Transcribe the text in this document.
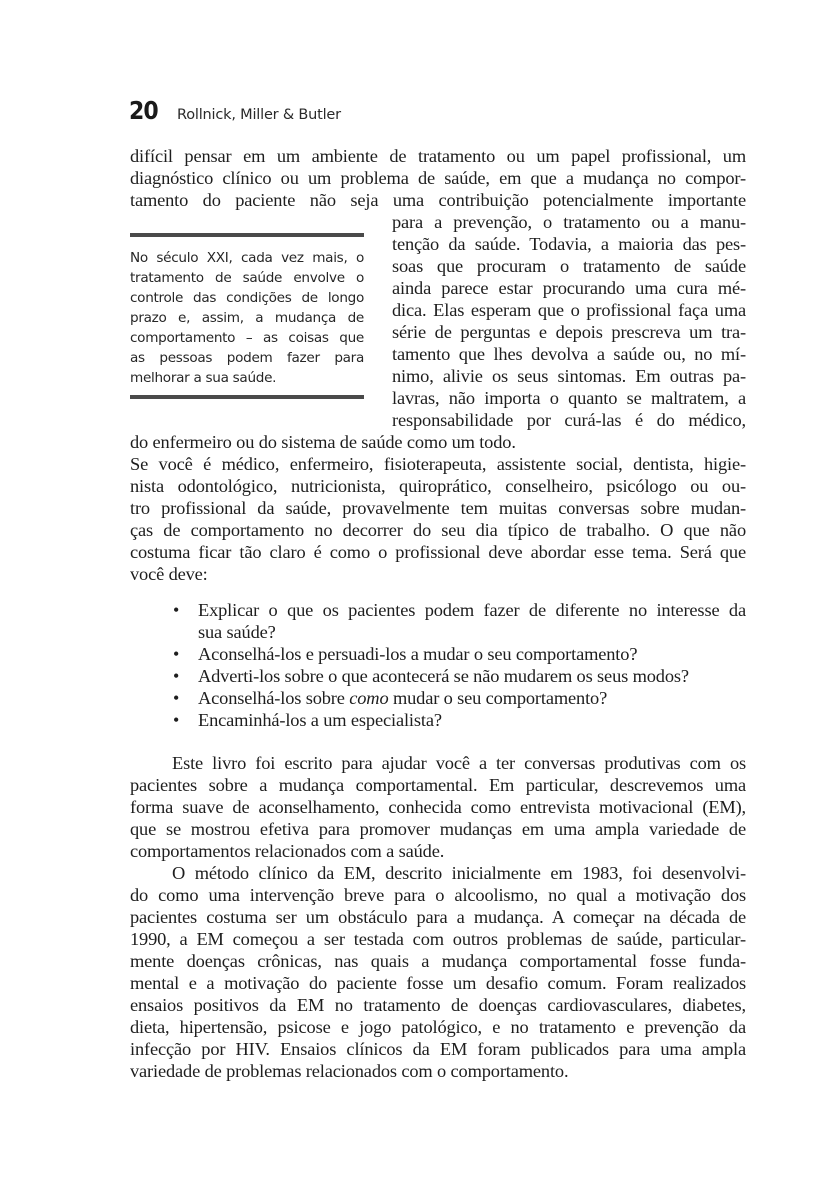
20 Rollnick, Miller & Butler
difícil pensar em um ambiente de tratamento ou um papel profissional, um
diagnóstico clínico ou um problema de saúde, em que a mudança no compor-
tamento do paciente não seja uma contribuição potencialmente importante
para a prevenção, o tratamento ou a manu-
tenção da saúde. Todavia, a maioria das pes-
soas que procuram o tratamento de saúde
ainda parece estar procurando uma cura mé-
dica. Elas esperam que o profissional faça uma
série de perguntas e depois prescreva um tra-
tamento que lhes devolva a saúde ou, no mí-
nimo, alivie os seus sintomas. Em outras pa-
lavras, não importa o quanto se maltratem, a
responsabilidade por curá-las é do médico,
do enfermeiro ou do sistema de saúde como um todo.
No século XXI, cada vez mais, o
tratamento de saúde envolve o
controle das condições de longo
prazo e, assim, a mudança de
comportamento – as coisas que
as pessoas podem fazer para
melhorar a sua saúde.
Se você é médico, enfermeiro, fisioterapeuta, assistente social, dentista, higie-
nista odontológico, nutricionista, quiroprático, conselheiro, psicólogo ou ou-
tro profissional da saúde, provavelmente tem muitas conversas sobre mudan-
ças de comportamento no decorrer do seu dia típico de trabalho. O que não
costuma ficar tão claro é como o profissional deve abordar esse tema. Será que
você deve:
• Explicar o que os pacientes podem fazer de diferente no interesse da
sua saúde?
• Aconselhá-los e persuadi-los a mudar o seu comportamento?
• Adverti-los sobre o que acontecerá se não mudarem os seus modos?
• Aconselhá-los sobre como mudar o seu comportamento?
• Encaminhá-los a um especialista?
Este livro foi escrito para ajudar você a ter conversas produtivas com os
pacientes sobre a mudança comportamental. Em particular, descrevemos uma
forma suave de aconselhamento, conhecida como entrevista motivacional (EM),
que se mostrou efetiva para promover mudanças em uma ampla variedade de
comportamentos relacionados com a saúde.
O método clínico da EM, descrito inicialmente em 1983, foi desenvolvi-
do como uma intervenção breve para o alcoolismo, no qual a motivação dos
pacientes costuma ser um obstáculo para a mudança. A começar na década de
1990, a EM começou a ser testada com outros problemas de saúde, particular-
mente doenças crônicas, nas quais a mudança comportamental fosse funda-
mental e a motivação do paciente fosse um desafio comum. Foram realizados
ensaios positivos da EM no tratamento de doenças cardiovasculares, diabetes,
dieta, hipertensão, psicose e jogo patológico, e no tratamento e prevenção da
infecção por HIV. Ensaios clínicos da EM foram publicados para uma ampla
variedade de problemas relacionados com o comportamento.
